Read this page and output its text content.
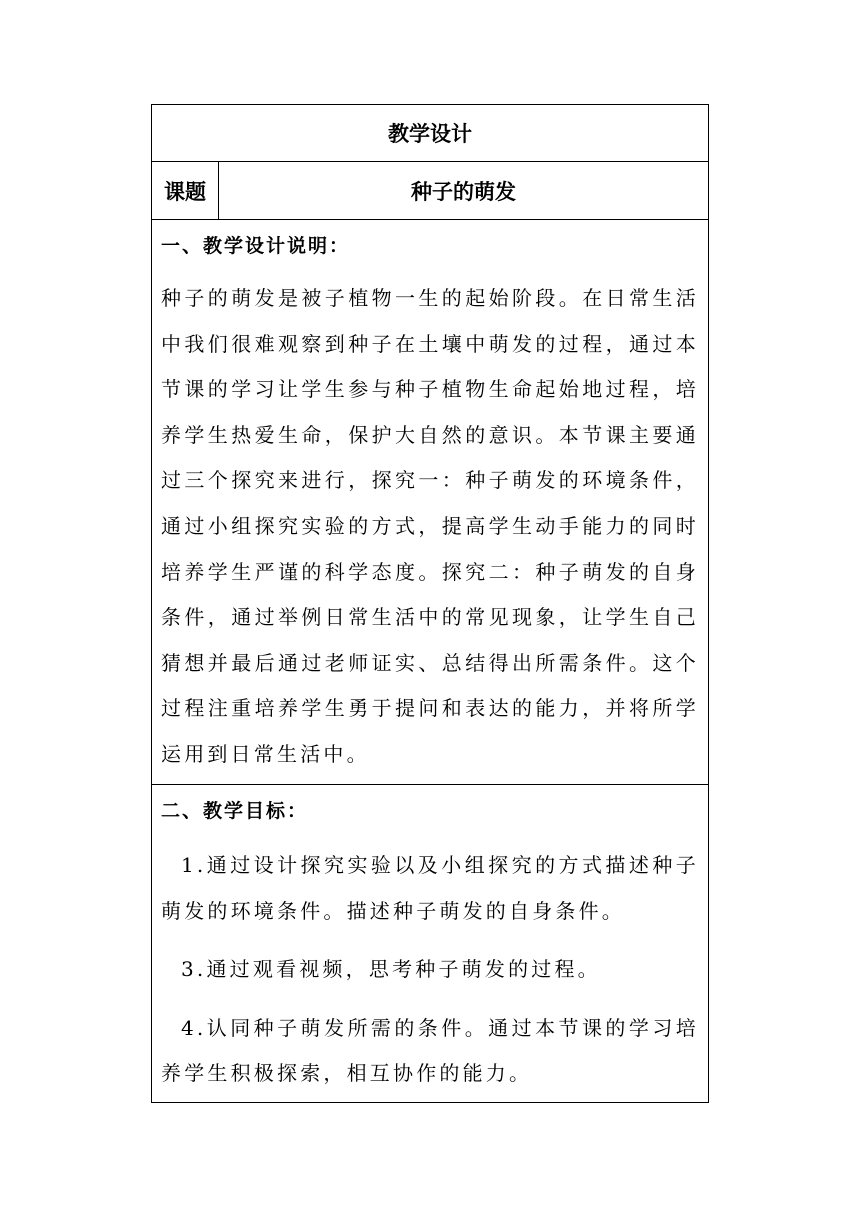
教学设计
课题	种子的萌发
一、教学设计说明：

种子的萌发是被子植物一生的起始阶段。在日常生活中我们很难观察到种子在土壤中萌发的过程，通过本节课的学习让学生参与种子植物生命起始地过程，培养学生热爱生命，保护大自然的意识。本节课主要通过三个探究来进行，探究一：种子萌发的环境条件，通过小组探究实验的方式，提高学生动手能力的同时培养学生严谨的科学态度。探究二：种子萌发的自身条件，通过举例日常生活中的常见现象，让学生自己猜想并最后通过老师证实、总结得出所需条件。这个过程注重培养学生勇于提问和表达的能力，并将所学运用到日常生活中。

二、教学目标：

1.通过设计探究实验以及小组探究的方式描述种子萌发的环境条件。描述种子萌发的自身条件。

3.通过观看视频，思考种子萌发的过程。

4.认同种子萌发所需的条件。通过本节课的学习培养学生积极探索，相互协作的能力。
